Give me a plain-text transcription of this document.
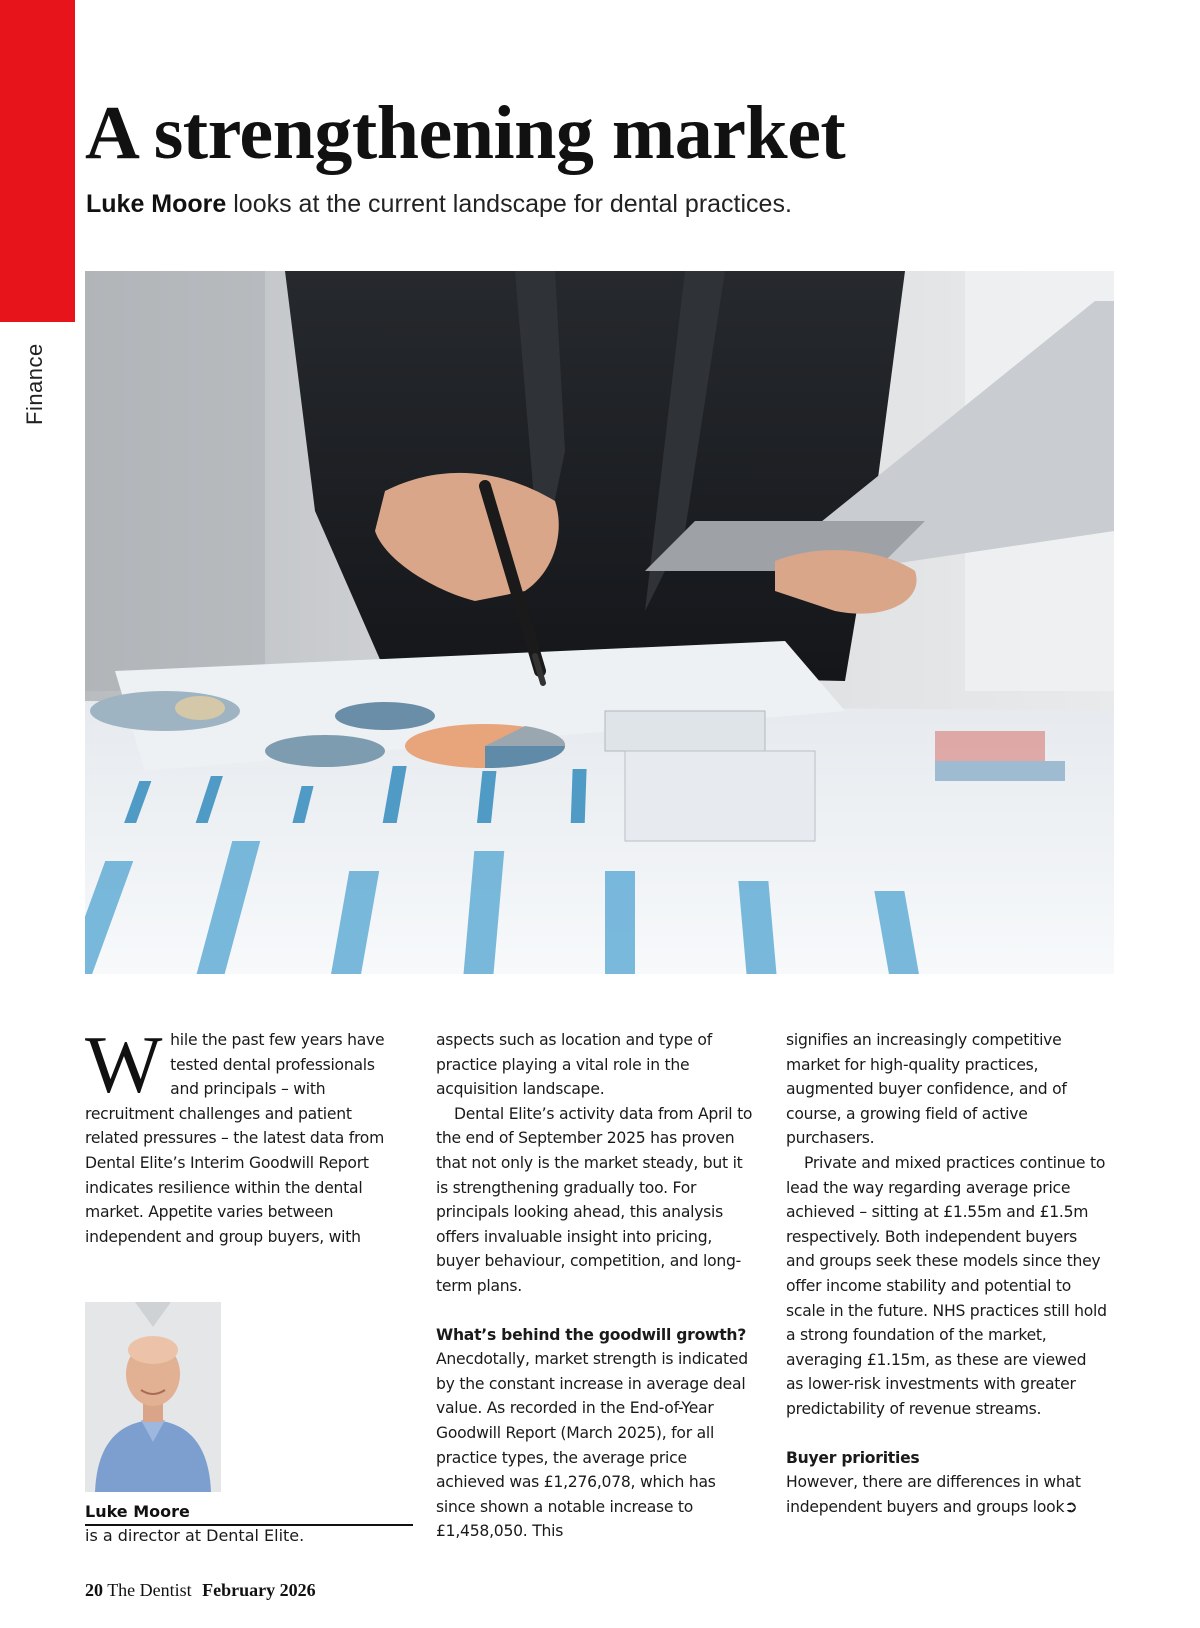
Finance
A strengthening market
Luke Moore looks at the current landscape for dental practices.

While the past few years have tested dental professionals and principals – with recruitment challenges and patient related pressures – the latest data from Dental Elite’s Interim Goodwill Report indicates resilience within the dental market. Appetite varies between independent and group buyers, with

aspects such as location and type of practice playing a vital role in the acquisition landscape.

Dental Elite’s activity data from April to the end of September 2025 has proven that not only is the market steady, but it is strengthening gradually too. For principals looking ahead, this analysis offers invaluable insight into pricing, buyer behaviour, competition, and long-term plans.

What’s behind the goodwill growth?

Anecdotally, market strength is indicated by the constant increase in average deal value. As recorded in the End-of-Year Goodwill Report (March 2025), for all practice types, the average price achieved was £1,276,078, which has since shown a notable increase to £1,458,050. This

signifies an increasingly competitive market for high-quality practices, augmented buyer confidence, and of course, a growing field of active purchasers.

Private and mixed practices continue to lead the way regarding average price achieved – sitting at £1.55m and £1.5m respectively. Both independent buyers and groups seek these models since they offer income stability and potential to scale in the future. NHS practices still hold a strong foundation of the market, averaging £1.15m, as these are viewed as lower-risk investments with greater predictability of revenue streams.

Buyer priorities

However, there are differences in what independent buyers and groups look➲

Luke Moore
is a director at Dental Elite.
20 The Dentist February 2026
